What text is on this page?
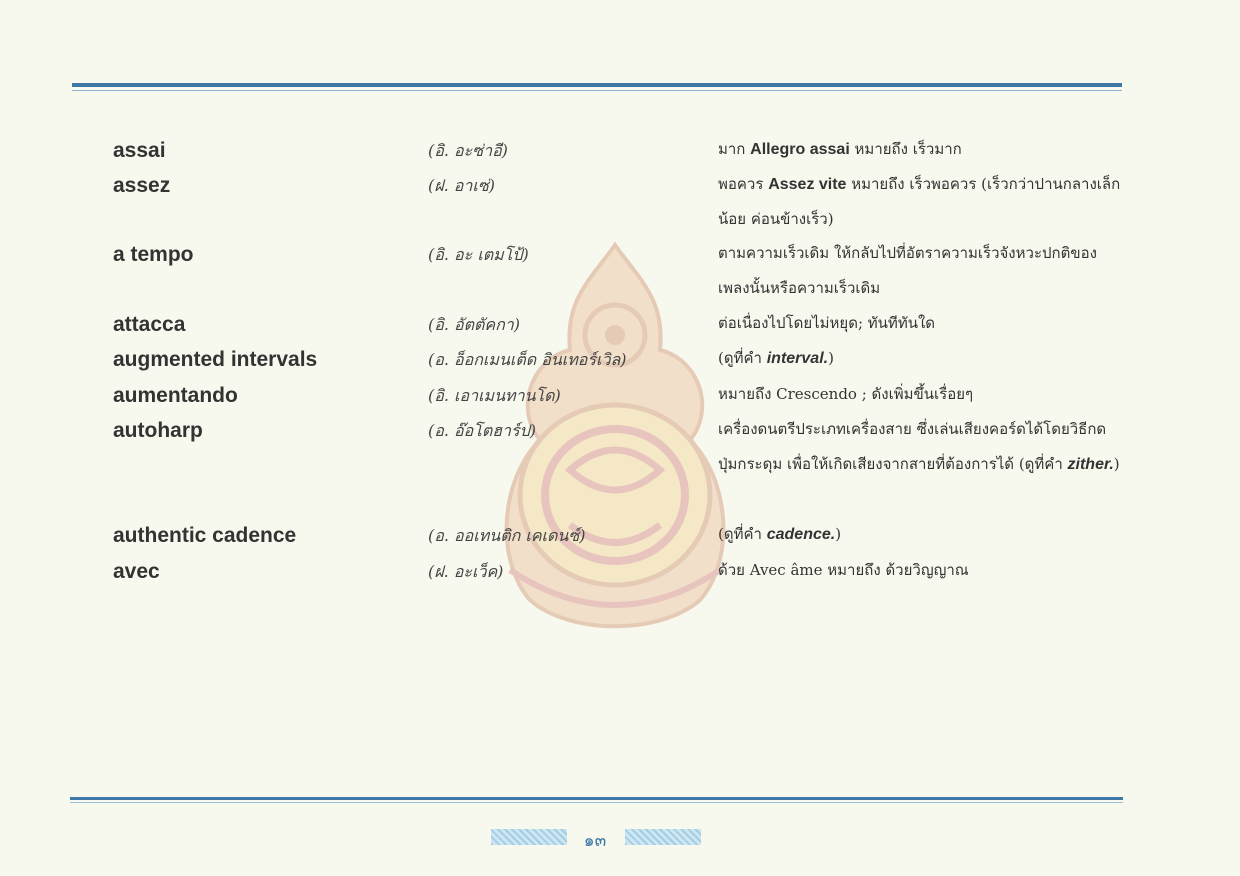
assai	(อิ. อะซ่าอี)	มาก Allegro assai หมายถึง เร็วมาก
assez	(ฝ. อาเซ่)	พอควร Assez vite หมายถึง เร็วพอควร (เร็วกว่าปานกลางเล็กน้อย ค่อนข้างเร็ว)
a tempo	(อิ. อะ เตมโป้)	ตามความเร็วเดิม ให้กลับไปที่อัตราความเร็วจังหวะปกติของเพลงนั้นหรือความเร็วเดิม
attacca	(อิ. อัตตัคกา)	ต่อเนื่องไปโดยไม่หยุด; ทันทีทันใด
augmented intervals	(อ. อ็อกเมนเต็ด อินเทอร์เวิล)	(ดูที่คำ interval.)
aumentando	(อิ. เอาเมนทานโด)	หมายถึง Crescendo ; ดังเพิ่มขึ้นเรื่อยๆ
autoharp	(อ. อ๊อโตฮาร์ป)	เครื่องดนตรีประเภทเครื่องสาย ซึ่งเล่นเสียงคอร์ดได้โดยวิธีกดปุ่มกระดุม เพื่อให้เกิดเสียงจากสายที่ต้องการได้ (ดูที่คำ zither.)
authentic cadence	(อ. ออเทนติก เคเดนซ์)	(ดูที่คำ cadence.)
avec	(ฝ. อะเว็ค)	ด้วย Avec âme หมายถึง ด้วยวิญญาณ
๑๓
